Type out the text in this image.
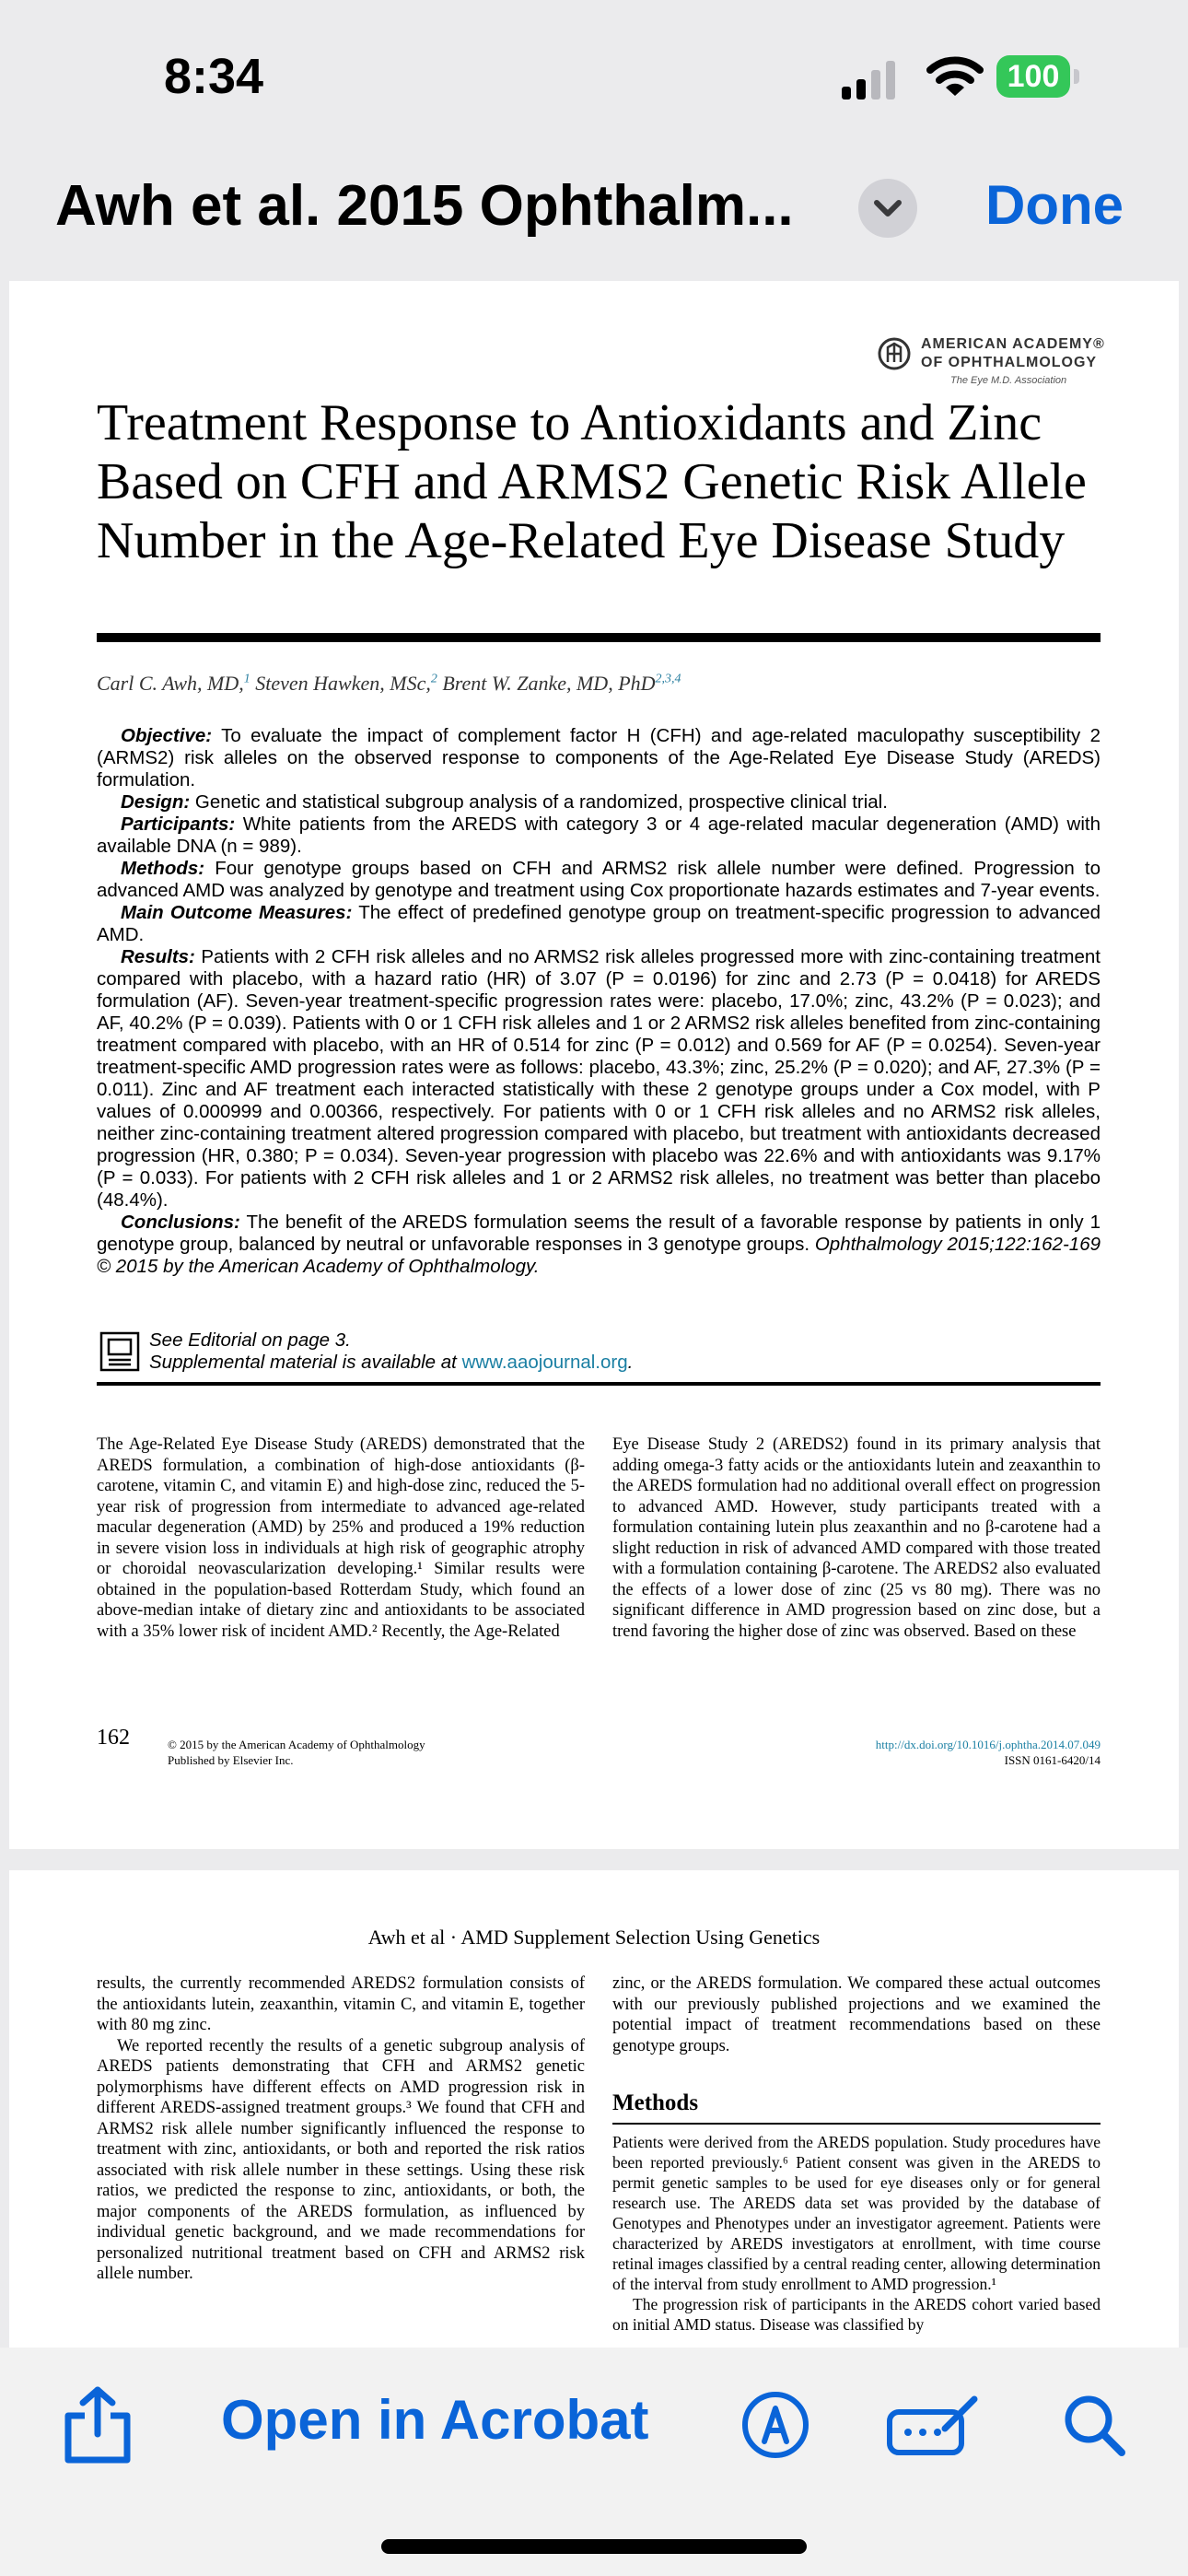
8:34	100
Awh et al. 2015 Ophthalm...	Done
AMERICAN ACADEMY®
OF OPHTHALMOLOGY
The Eye M.D. Association
Treatment Response to Antioxidants and Zinc Based on CFH and ARMS2 Genetic Risk Allele Number in the Age-Related Eye Disease Study
Carl C. Awh, MD,$^1$ Steven Hawken, MSc,$^2$ Brent W. Zanke, MD, PhD$^{2,3,4}$

Objective: To evaluate the impact of complement factor H (CFH) and age-related maculopathy susceptibility 2 (ARMS2) risk alleles on the observed response to components of the Age-Related Eye Disease Study (AREDS) formulation.

Design: Genetic and statistical subgroup analysis of a randomized, prospective clinical trial.

Participants: White patients from the AREDS with category 3 or 4 age-related macular degeneration (AMD) with available DNA (n = 989).

Methods: Four genotype groups based on CFH and ARMS2 risk allele number were defined. Progression to advanced AMD was analyzed by genotype and treatment using Cox proportionate hazards estimates and 7-year events.

Main Outcome Measures: The effect of predefined genotype group on treatment-specific progression to advanced AMD.

Results: Patients with 2 CFH risk alleles and no ARMS2 risk alleles progressed more with zinc-containing treatment compared with placebo, with a hazard ratio (HR) of 3.07 (P = 0.0196) for zinc and 2.73 (P = 0.0418) for AREDS formulation (AF). Seven-year treatment-specific progression rates were: placebo, 17.0%; zinc, 43.2% (P = 0.023); and AF, 40.2% (P = 0.039). Patients with 0 or 1 CFH risk alleles and 1 or 2 ARMS2 risk alleles benefited from zinc-containing treatment compared with placebo, with an HR of 0.514 for zinc (P = 0.012) and 0.569 for AF (P = 0.0254). Seven-year treatment-specific AMD progression rates were as follows: placebo, 43.3%; zinc, 25.2% (P = 0.020); and AF, 27.3% (P = 0.011). Zinc and AF treatment each interacted statistically with these 2 genotype groups under a Cox model, with P values of 0.000999 and 0.00366, respectively. For patients with 0 or 1 CFH risk alleles and no ARMS2 risk alleles, neither zinc-containing treatment altered progression compared with placebo, but treatment with antioxidants decreased progression (HR, 0.380; P = 0.034). Seven-year progression with placebo was 22.6% and with antioxidants was 9.17% (P = 0.033). For patients with 2 CFH risk alleles and 1 or 2 ARMS2 risk alleles, no treatment was better than placebo (48.4%).

Conclusions: The benefit of the AREDS formulation seems the result of a favorable response by patients in only 1 genotype group, balanced by neutral or unfavorable responses in 3 genotype groups. Ophthalmology 2015;122:162-169 © 2015 by the American Academy of Ophthalmology.

See Editorial on page 3.
Supplemental material is available at www.aaojournal.org.

The Age-Related Eye Disease Study (AREDS) demonstrated that the AREDS formulation, a combination of high-dose antioxidants (β-carotene, vitamin C, and vitamin E) and high-dose zinc, reduced the 5-year risk of progression from intermediate to advanced age-related macular degeneration (AMD) by 25% and produced a 19% reduction in severe vision loss in individuals at high risk of geographic atrophy or choroidal neovascularization developing.¹ Similar results were obtained in the population-based Rotterdam Study, which found an above-median intake of dietary zinc and antioxidants to be associated with a 35% lower risk of incident AMD.² Recently, the Age-Related

Eye Disease Study 2 (AREDS2) found in its primary analysis that adding omega-3 fatty acids or the antioxidants lutein and zeaxanthin to the AREDS formulation had no additional overall effect on progression to advanced AMD. However, study participants treated with a formulation containing lutein plus zeaxanthin and no β-carotene had a slight reduction in risk of advanced AMD compared with those treated with a formulation containing β-carotene. The AREDS2 also evaluated the effects of a lower dose of zinc (25 vs 80 mg). There was no significant difference in AMD progression based on zinc dose, but a trend favoring the higher dose of zinc was observed. Based on these

162	© 2015 by the American Academy of Ophthalmology
Published by Elsevier Inc.
http://dx.doi.org/10.1016/j.ophtha.2014.07.049
ISSN 0161-6420/14
Awh et al · AMD Supplement Selection Using Genetics

results, the currently recommended AREDS2 formulation consists of the antioxidants lutein, zeaxanthin, vitamin C, and vitamin E, together with 80 mg zinc.

We reported recently the results of a genetic subgroup analysis of AREDS patients demonstrating that CFH and ARMS2 genetic polymorphisms have different effects on AMD progression risk in different AREDS-assigned treatment groups.³ We found that CFH and ARMS2 risk allele number significantly influenced the response to treatment with zinc, antioxidants, or both and reported the risk ratios associated with risk allele number in these settings. Using these risk ratios, we predicted the response to zinc, antioxidants, or both, the major components of the AREDS formulation, as influenced by individual genetic background, and we made recommendations for personalized nutritional treatment based on CFH and ARMS2 risk allele number.

zinc, or the AREDS formulation. We compared these actual outcomes with our previously published projections and we examined the potential impact of treatment recommendations based on these genotype groups.

Methods

Patients were derived from the AREDS population. Study procedures have been reported previously.⁶ Patient consent was given in the AREDS to permit genetic samples to be used for eye diseases only or for general research use. The AREDS data set was provided by the database of Genotypes and Phenotypes under an investigator agreement. Patients were characterized by AREDS investigators at enrollment, with time course retinal images classified by a central reading center, allowing determination of the interval from study enrollment to AMD progression.¹

The progression risk of participants in the AREDS cohort varied based on initial AMD status. Disease was classified by

Open in Acrobat
